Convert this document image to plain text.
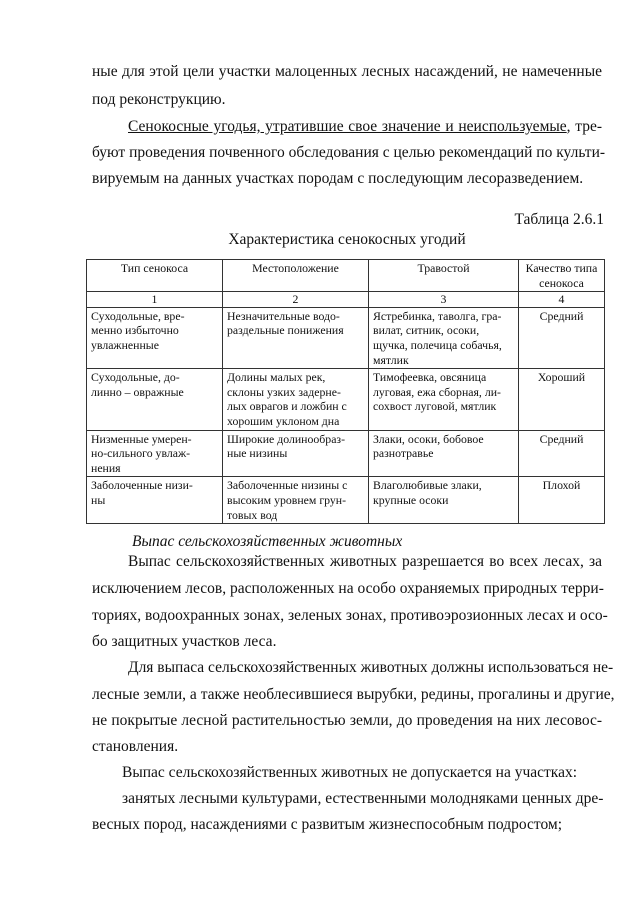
ные для этой цели участки малоценных лесных насаждений, не намеченные
под реконструкцию.
Сенокосные угодья, утратившие свое значение и неиспользуемые, тре-
буют проведения почвенного обследования с целью рекомендаций по культи-
вируемым на данных участках породам с последующим лесоразведением.
Таблица 2.6.1
Характеристика сенокосных угодий
Тип сенокоса	Местоположение	Травостой	Качество типа сенокоса
1	2	3	4
Суходольные, вре-
менно избыточно
увлажненные	Незначительные водо-
раздельные понижения	Ястребинка, таволга, гра-
вилат, ситник, осоки,
щучка, полечица собачья,
мятлик	Средний
Суходольные, до-
линно – овражные	Долины малых рек,
склоны узких задерне-
лых оврагов и ложбин с
хорошим уклоном дна	Тимофеевка, овсяница
луговая, ежа сборная, ли-
сохвост луговой, мятлик	Хороший
Низменные умерен-
но-сильного увлаж-
нения	Широкие долинообраз-
ные низины	Злаки, осоки, бобовое
разнотравье	Средний
Заболоченные низи-
ны	Заболоченные низины с
высоким уровнем грун-
товых вод	Влаголюбивые злаки,
крупные осоки	Плохой
Выпас сельскохозяйственных животных
Выпас сельскохозяйственных животных разрешается во всех лесах, за
исключением лесов, расположенных на особо охраняемых природных терри-
ториях, водоохранных зонах, зеленых зонах, противоэрозионных лесах и осо-
бо защитных участков леса.
Для выпаса сельскохозяйственных животных должны использоваться не-
лесные земли, а также необлесившиеся вырубки, редины, прогалины и другие,
не покрытые лесной растительностью земли, до проведения на них лесовос-
становления.
Выпас сельскохозяйственных животных не допускается на участках:
занятых лесными культурами, естественными молодняками ценных дре-
весных пород, насаждениями с развитым жизнеспособным подростом;
